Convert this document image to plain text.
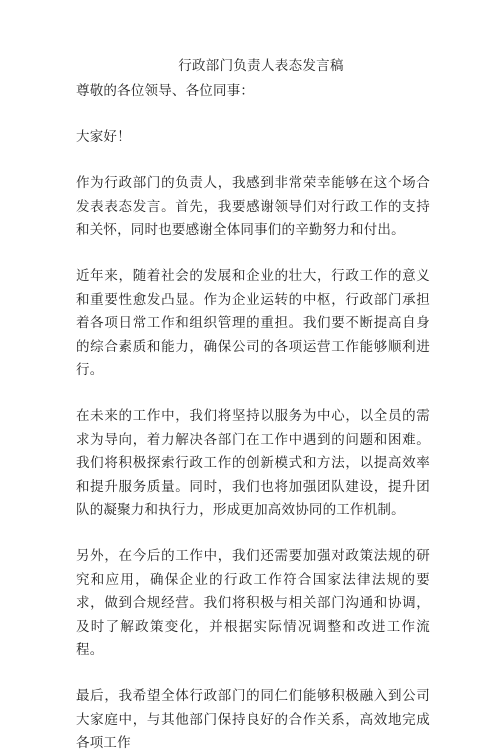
行政部门负责人表态发言稿

尊敬的各位领导、各位同事：

大家好！

作为行政部门的负责人，我感到非常荣幸能够在这个场合发表表态发言。首先，我要感谢领导们对行政工作的支持和关怀，同时也要感谢全体同事们的辛勤努力和付出。

近年来，随着社会的发展和企业的壮大，行政工作的意义和重要性愈发凸显。作为企业运转的中枢，行政部门承担着各项日常工作和组织管理的重担。我们要不断提高自身的综合素质和能力，确保公司的各项运营工作能够顺利进行。

在未来的工作中，我们将坚持以服务为中心，以全员的需求为导向，着力解决各部门在工作中遇到的问题和困难。我们将积极探索行政工作的创新模式和方法，以提高效率和提升服务质量。同时，我们也将加强团队建设，提升团队的凝聚力和执行力，形成更加高效协同的工作机制。

另外，在今后的工作中，我们还需要加强对政策法规的研究和应用，确保企业的行政工作符合国家法律法规的要求，做到合规经营。我们将积极与相关部门沟通和协调，及时了解政策变化，并根据实际情况调整和改进工作流程。

最后，我希望全体行政部门的同仁们能够积极融入到公司大家庭中，与其他部门保持良好的合作关系，高效地完成各项工作
